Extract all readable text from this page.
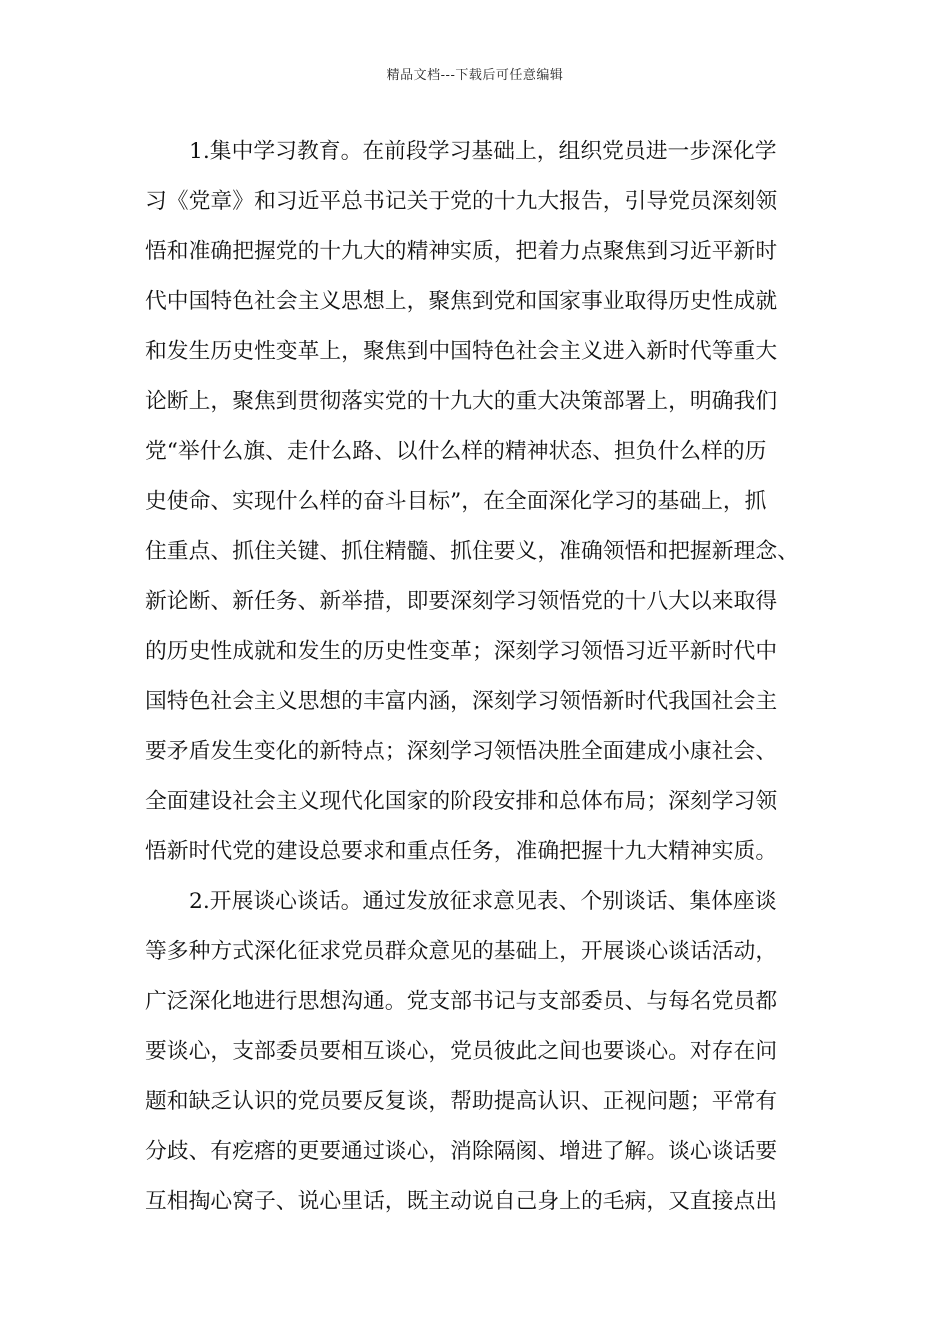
精品文档---下载后可任意编辑
1.集中学习教育。在前段学习基础上，组织党员进一步深化学
习《党章》和习近平总书记关于党的十九大报告，引导党员深刻领
悟和准确把握党的十九大的精神实质，把着力点聚焦到习近平新时
代中国特色社会主义思想上，聚焦到党和国家事业取得历史性成就
和发生历史性变革上，聚焦到中国特色社会主义进入新时代等重大
论断上，聚焦到贯彻落实党的十九大的重大决策部署上，明确我们
党“举什么旗、走什么路、以什么样的精神状态、担负什么样的历
史使命、实现什么样的奋斗目标”，在全面深化学习的基础上，抓
住重点、抓住关键、抓住精髓、抓住要义，准确领悟和把握新理念、
新论断、新任务、新举措，即要深刻学习领悟党的十八大以来取得
的历史性成就和发生的历史性变革；深刻学习领悟习近平新时代中
国特色社会主义思想的丰富内涵，深刻学习领悟新时代我国社会主
要矛盾发生变化的新特点；深刻学习领悟决胜全面建成小康社会、
全面建设社会主义现代化国家的阶段安排和总体布局；深刻学习领
悟新时代党的建设总要求和重点任务，准确把握十九大精神实质。
2.开展谈心谈话。通过发放征求意见表、个别谈话、集体座谈
等多种方式深化征求党员群众意见的基础上，开展谈心谈话活动，
广泛深化地进行思想沟通。党支部书记与支部委员、与每名党员都
要谈心，支部委员要相互谈心，党员彼此之间也要谈心。对存在问
题和缺乏认识的党员要反复谈，帮助提高认识、正视问题；平常有
分歧、有疙瘩的更要通过谈心，消除隔阂、增进了解。谈心谈话要
互相掏心窝子、说心里话，既主动说自己身上的毛病，又直接点出
